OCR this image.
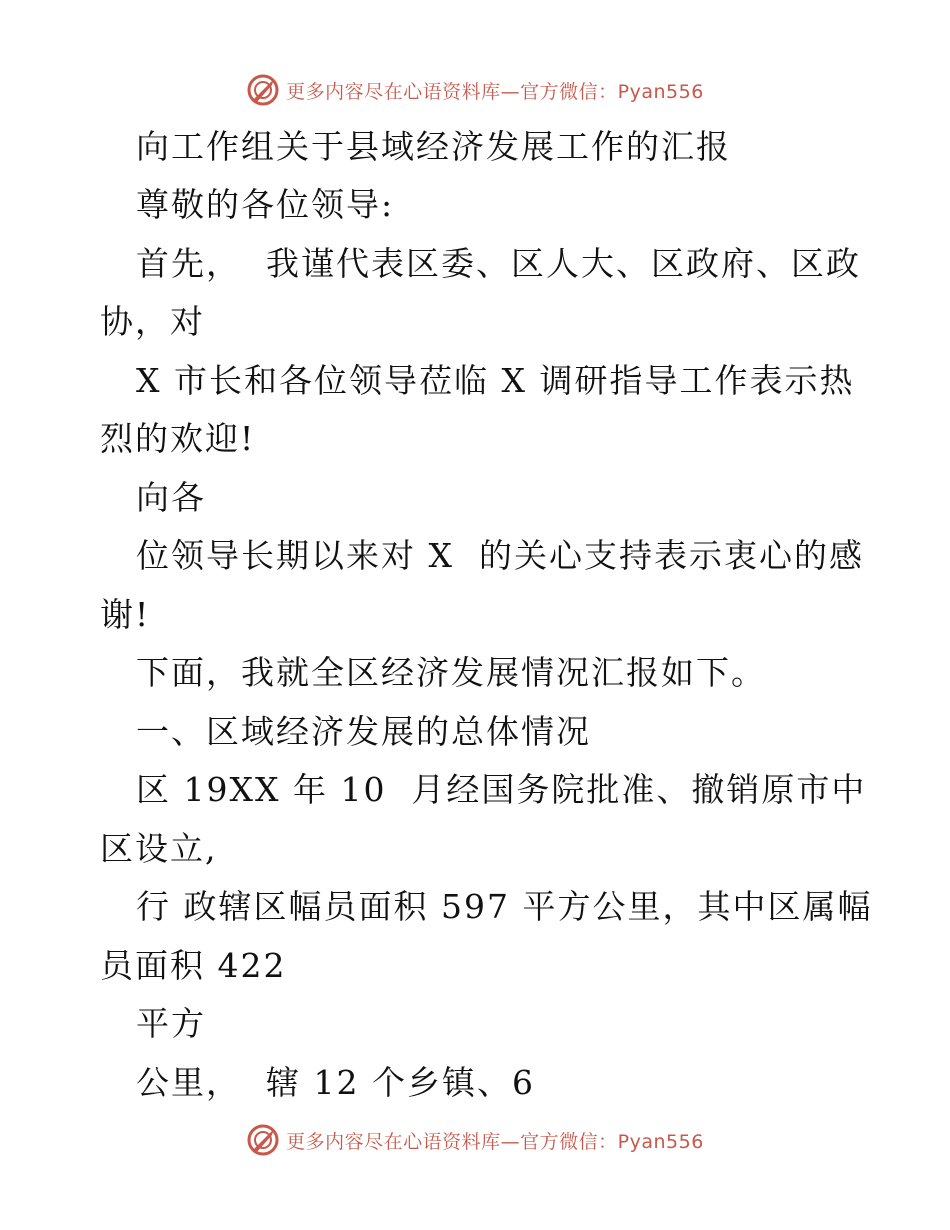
更多内容尽在心语资料库—官方微信：Pyan556
向工作组关于县域经济发展工作的汇报
尊敬的各位领导:
首先，  我谨代表区委、区人大、区政府、区政
协，对
X 市长和各位领导莅临 X 调研指导工作表示热
烈的欢迎!
向各
位领导长期以来对 X  的关心支持表示衷心的感
谢!
下面，我就全区经济发展情况汇报如下。
一、区域经济发展的总体情况
区 19XX 年 10  月经国务院批准、撤销原市中
区设立,
行 政辖区幅员面积 597 平方公里，其中区属幅
员面积 422
平方
公里，  辖 12 个乡镇、6
更多内容尽在心语资料库—官方微信：Pyan556
